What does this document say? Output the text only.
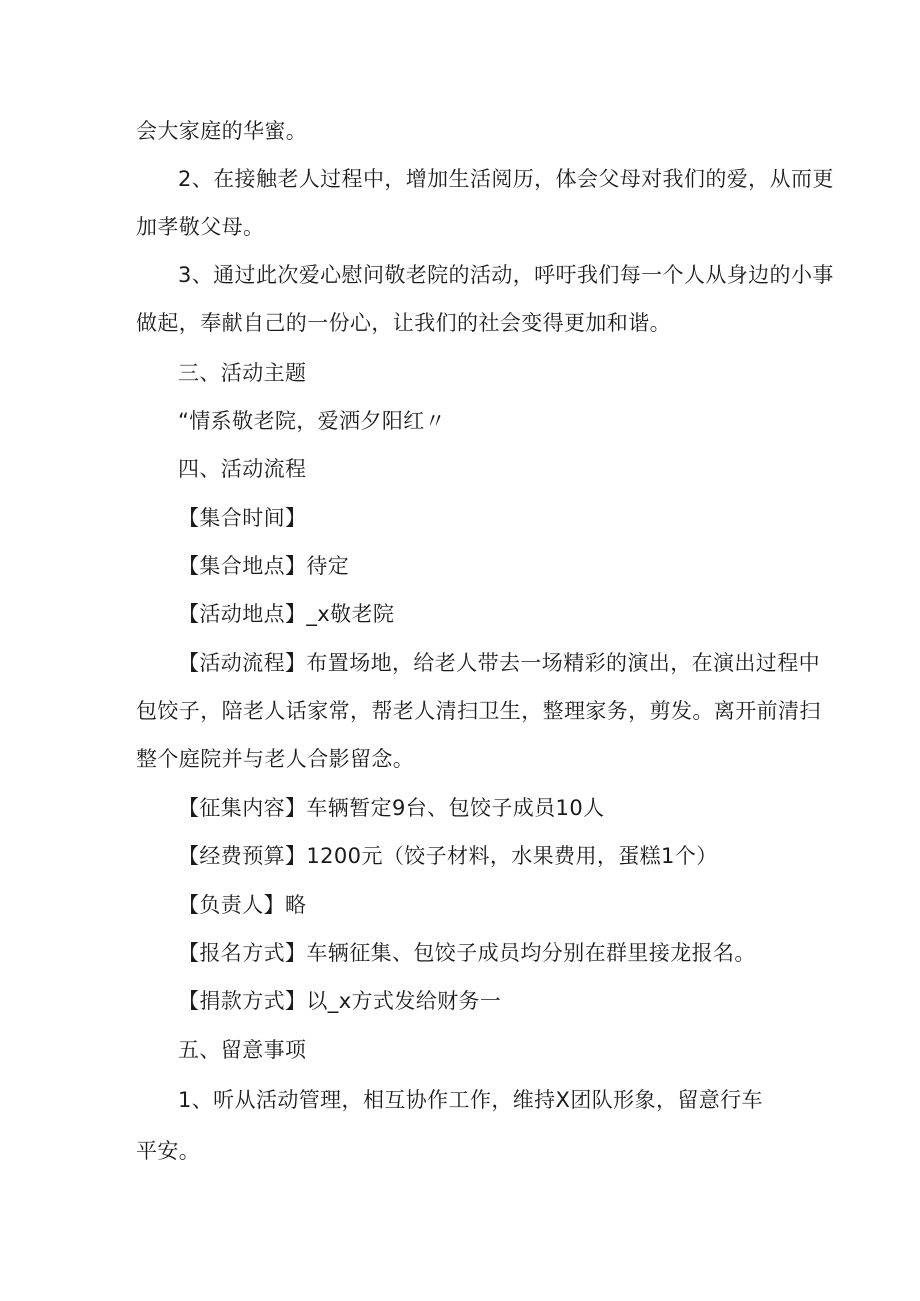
会大家庭的华蜜。
2、在接触老人过程中，增加生活阅历，体会父母对我们的爱，从而更
加孝敬父母。
3、通过此次爱心慰问敬老院的活动，呼吁我们每一个人从身边的小事
做起，奉献自己的一份心，让我们的社会变得更加和谐。
三、活动主题
“情系敬老院，爱洒夕阳红〃
四、活动流程
【集合时间】
【集合地点】待定
【活动地点】_x敬老院
【活动流程】布置场地，给老人带去一场精彩的演出，在演出过程中
包饺子，陪老人话家常，帮老人清扫卫生，整理家务，剪发。离开前清扫
整个庭院并与老人合影留念。
【征集内容】车辆暂定9台、包饺子成员10人
【经费预算】1200元（饺子材料，水果费用，蛋糕1个）
【负责人】略
【报名方式】车辆征集、包饺子成员均分别在群里接龙报名。
【捐款方式】以_x方式发给财务一
五、留意事项
1、听从活动管理，相互协作工作，维持X团队形象，留意行车
平安。
